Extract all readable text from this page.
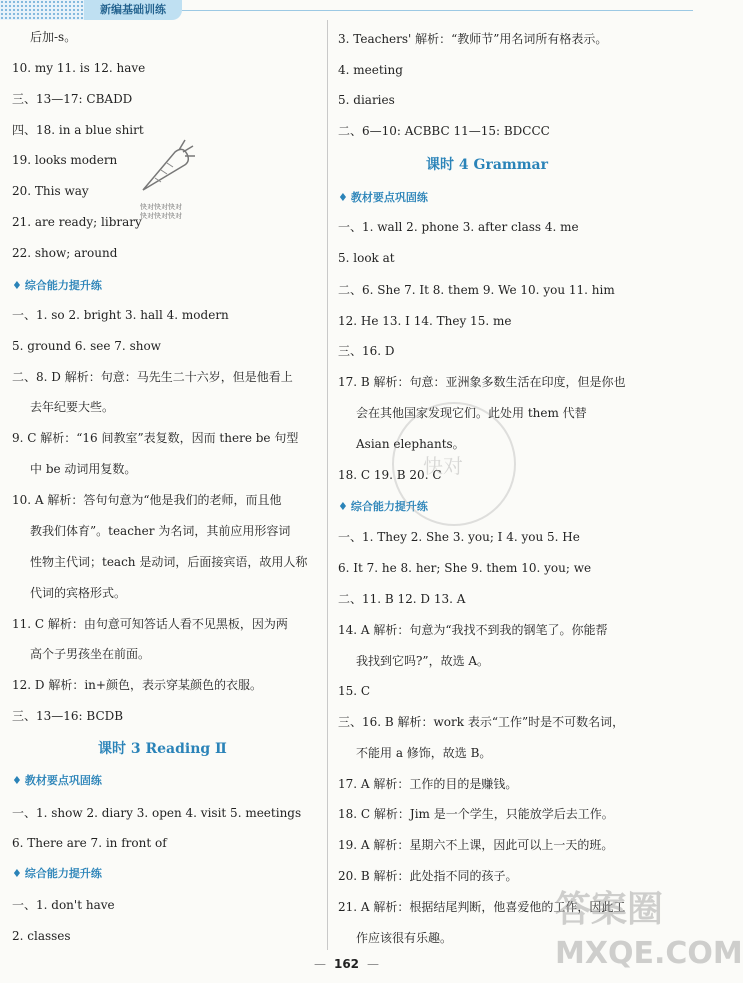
新编基础训练
后加-s。
10. my 11. is 12. have
三、13—17: CBADD
四、18. in a blue shirt
19. looks modern
20. This way
21. are ready; library
22. show; around
一、1. so 2. bright 3. hall 4. modern
5. ground 6. see 7. show
二、8. D 解析：句意：马先生二十六岁，但是他看上
去年纪要大些。
9. C 解析：“16 间教室”表复数，因而 there be 句型
中 be 动词用复数。
10. A 解析：答句句意为“他是我们的老师，而且他
教我们体育”。teacher 为名词，其前应用形容词
性物主代词；teach 是动词，后面接宾语，故用人称
代词的宾格形式。
11. C 解析：由句意可知答话人看不见黑板，因为两
高个子男孩坐在前面。
12. D 解析：in+颜色，表示穿某颜色的衣服。
三、13—16: BCDB
一、1. show 2. diary 3. open 4. visit 5. meetings
6. There are 7. in front of
一、1. don't have
2. classes
♦ 综合能力提升练
♦ 教材要点巩固练
♦ 综合能力提升练
3. Teachers' 解析：“教师节”用名词所有格表示。
4. meeting
5. diaries
二、6—10: ACBBC 11—15: BDCCC
一、1. wall 2. phone 3. after class 4. me
5. look at
二、6. She 7. It 8. them 9. We 10. you 11. him
12. He 13. I 14. They 15. me
三、16. D
17. B 解析：句意：亚洲象多数生活在印度，但是你也
会在其他国家发现它们。此处用 them 代替
Asian elephants。
18. C 19. B 20. C
一、1. They 2. She 3. you; I 4. you 5. He
6. It 7. he 8. her; She 9. them 10. you; we
二、11. B 12. D 13. A
14. A 解析：句意为“我找不到我的钢笔了。你能帮
我找到它吗?”，故选 A。
15. C
三、16. B 解析：work 表示“工作”时是不可数名词，
不能用 a 修饰，故选 B。
17. A 解析：工作的目的是赚钱。
18. C 解析：Jim 是一个学生，只能放学后去工作。
19. A 解析：星期六不上课，因此可以上一天的班。
20. B 解析：此处指不同的孩子。
21. A 解析：根据结尾判断，他喜爱他的工作，因此工
作应该很有乐趣。
♦ 教材要点巩固练
♦ 综合能力提升练
课时 3 Reading Ⅱ
课时 4 Grammar
快对快对快对
快对快对快对
快对
答案圈
MXQE.COM
— 162 —
